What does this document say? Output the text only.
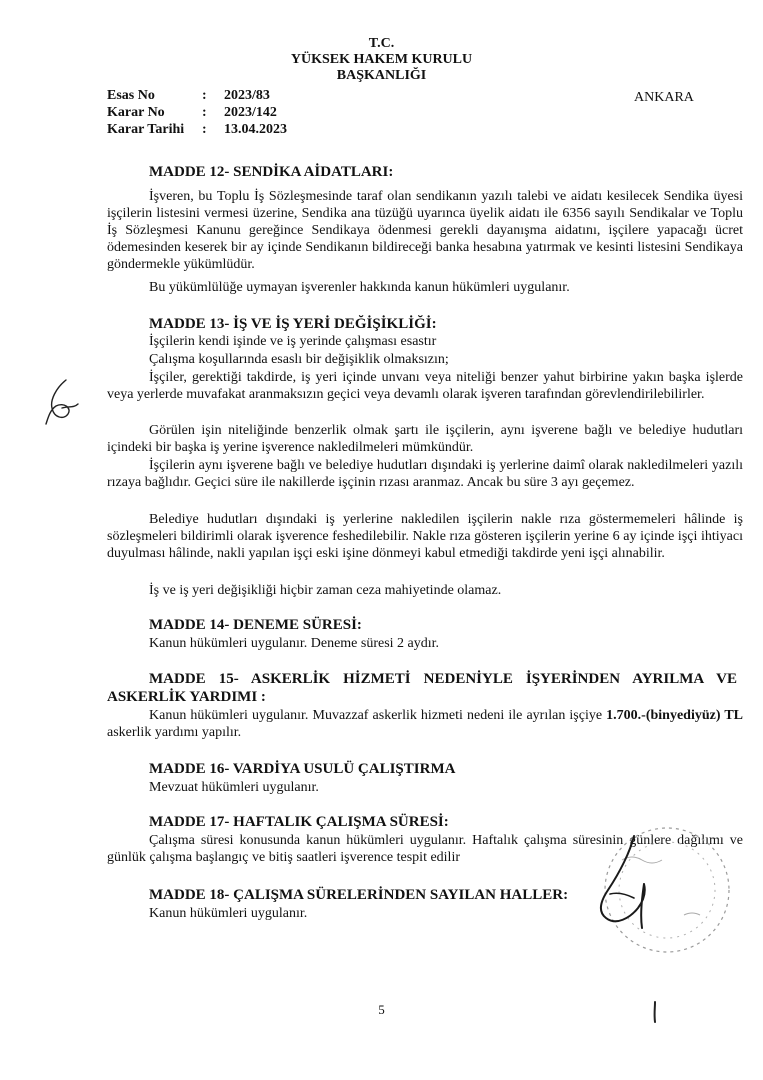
T.C.
YÜKSEK HAKEM KURULU
BAŞKANLIĞI
Esas No
Karar No
Karar Tarihi
:
:
:
2023/83
2023/142
13.04.2023
ANKARA
MADDE 12- SENDİKA AİDATLARI:
İşveren, bu Toplu İş Sözleşmesinde taraf olan sendikanın yazılı talebi ve aidatı kesilecek Sendika üyesi işçilerin listesini vermesi üzerine, Sendika ana tüzüğü uyarınca üyelik aidatı ile 6356 sayılı Sendikalar ve Toplu İş Sözleşmesi Kanunu gereğince Sendikaya ödenmesi gerekli dayanışma aidatını, işçilere yapacağı ücret ödemesinden keserek bir ay içinde Sendikanın bildireceği banka hesabına yatırmak ve kesinti listesini Sendikaya göndermekle yükümlüdür.
Bu yükümlülüğe uymayan işverenler hakkında kanun hükümleri uygulanır.
MADDE 13- İŞ VE İŞ YERİ DEĞİŞİKLİĞİ:
İşçilerin kendi işinde ve iş yerinde çalışması esastır
Çalışma koşullarında esaslı bir değişiklik olmaksızın;
İşçiler, gerektiği takdirde, iş yeri içinde unvanı veya niteliği benzer yahut birbirine yakın başka işlerde veya yerlerde muvafakat aranmaksızın geçici veya devamlı olarak işveren tarafından görevlendirilebilirler.
Görülen işin niteliğinde benzerlik olmak şartı ile işçilerin, aynı işverene bağlı ve belediye hudutları içindeki bir başka iş yerine işverence nakledilmeleri mümkündür.
İşçilerin aynı işverene bağlı ve belediye hudutları dışındaki iş yerlerine daimî olarak nakledilmeleri yazılı rızaya bağlıdır. Geçici süre ile nakillerde işçinin rızası aranmaz. Ancak bu süre 3 ayı geçemez.
Belediye hudutları dışındaki iş yerlerine nakledilen işçilerin nakle rıza göstermemeleri hâlinde iş sözleşmeleri bildirimli olarak işverence feshedilebilir. Nakle rıza gösteren işçilerin yerine 6 ay içinde işçi ihtiyacı duyulması hâlinde, nakli yapılan işçi eski işine dönmeyi kabul etmediği takdirde yeni işçi alınabilir.
İş ve iş yeri değişikliği hiçbir zaman ceza mahiyetinde olamaz.
MADDE 14- DENEME SÜRESİ:
Kanun hükümleri uygulanır. Deneme süresi 2 aydır.
MADDE 15- ASKERLİK HİZMETİ NEDENİYLE İŞYERİNDEN AYRILMA VE ASKERLİK YARDIMI :
Kanun hükümleri uygulanır. Muvazzaf askerlik hizmeti nedeni ile ayrılan işçiye 1.700.-(binyediyüz) TL askerlik yardımı yapılır.
MADDE 16- VARDİYA USULÜ ÇALIŞTIRMA
Mevzuat hükümleri uygulanır.
MADDE 17- HAFTALIK ÇALIŞMA SÜRESİ:
Çalışma süresi konusunda kanun hükümleri uygulanır. Haftalık çalışma süresinin günlere dağılımı ve günlük çalışma başlangıç ve bitiş saatleri işverence tespit edilir
MADDE 18- ÇALIŞMA SÜRELERİNDEN SAYILAN HALLER:
Kanun hükümleri uygulanır.
5
